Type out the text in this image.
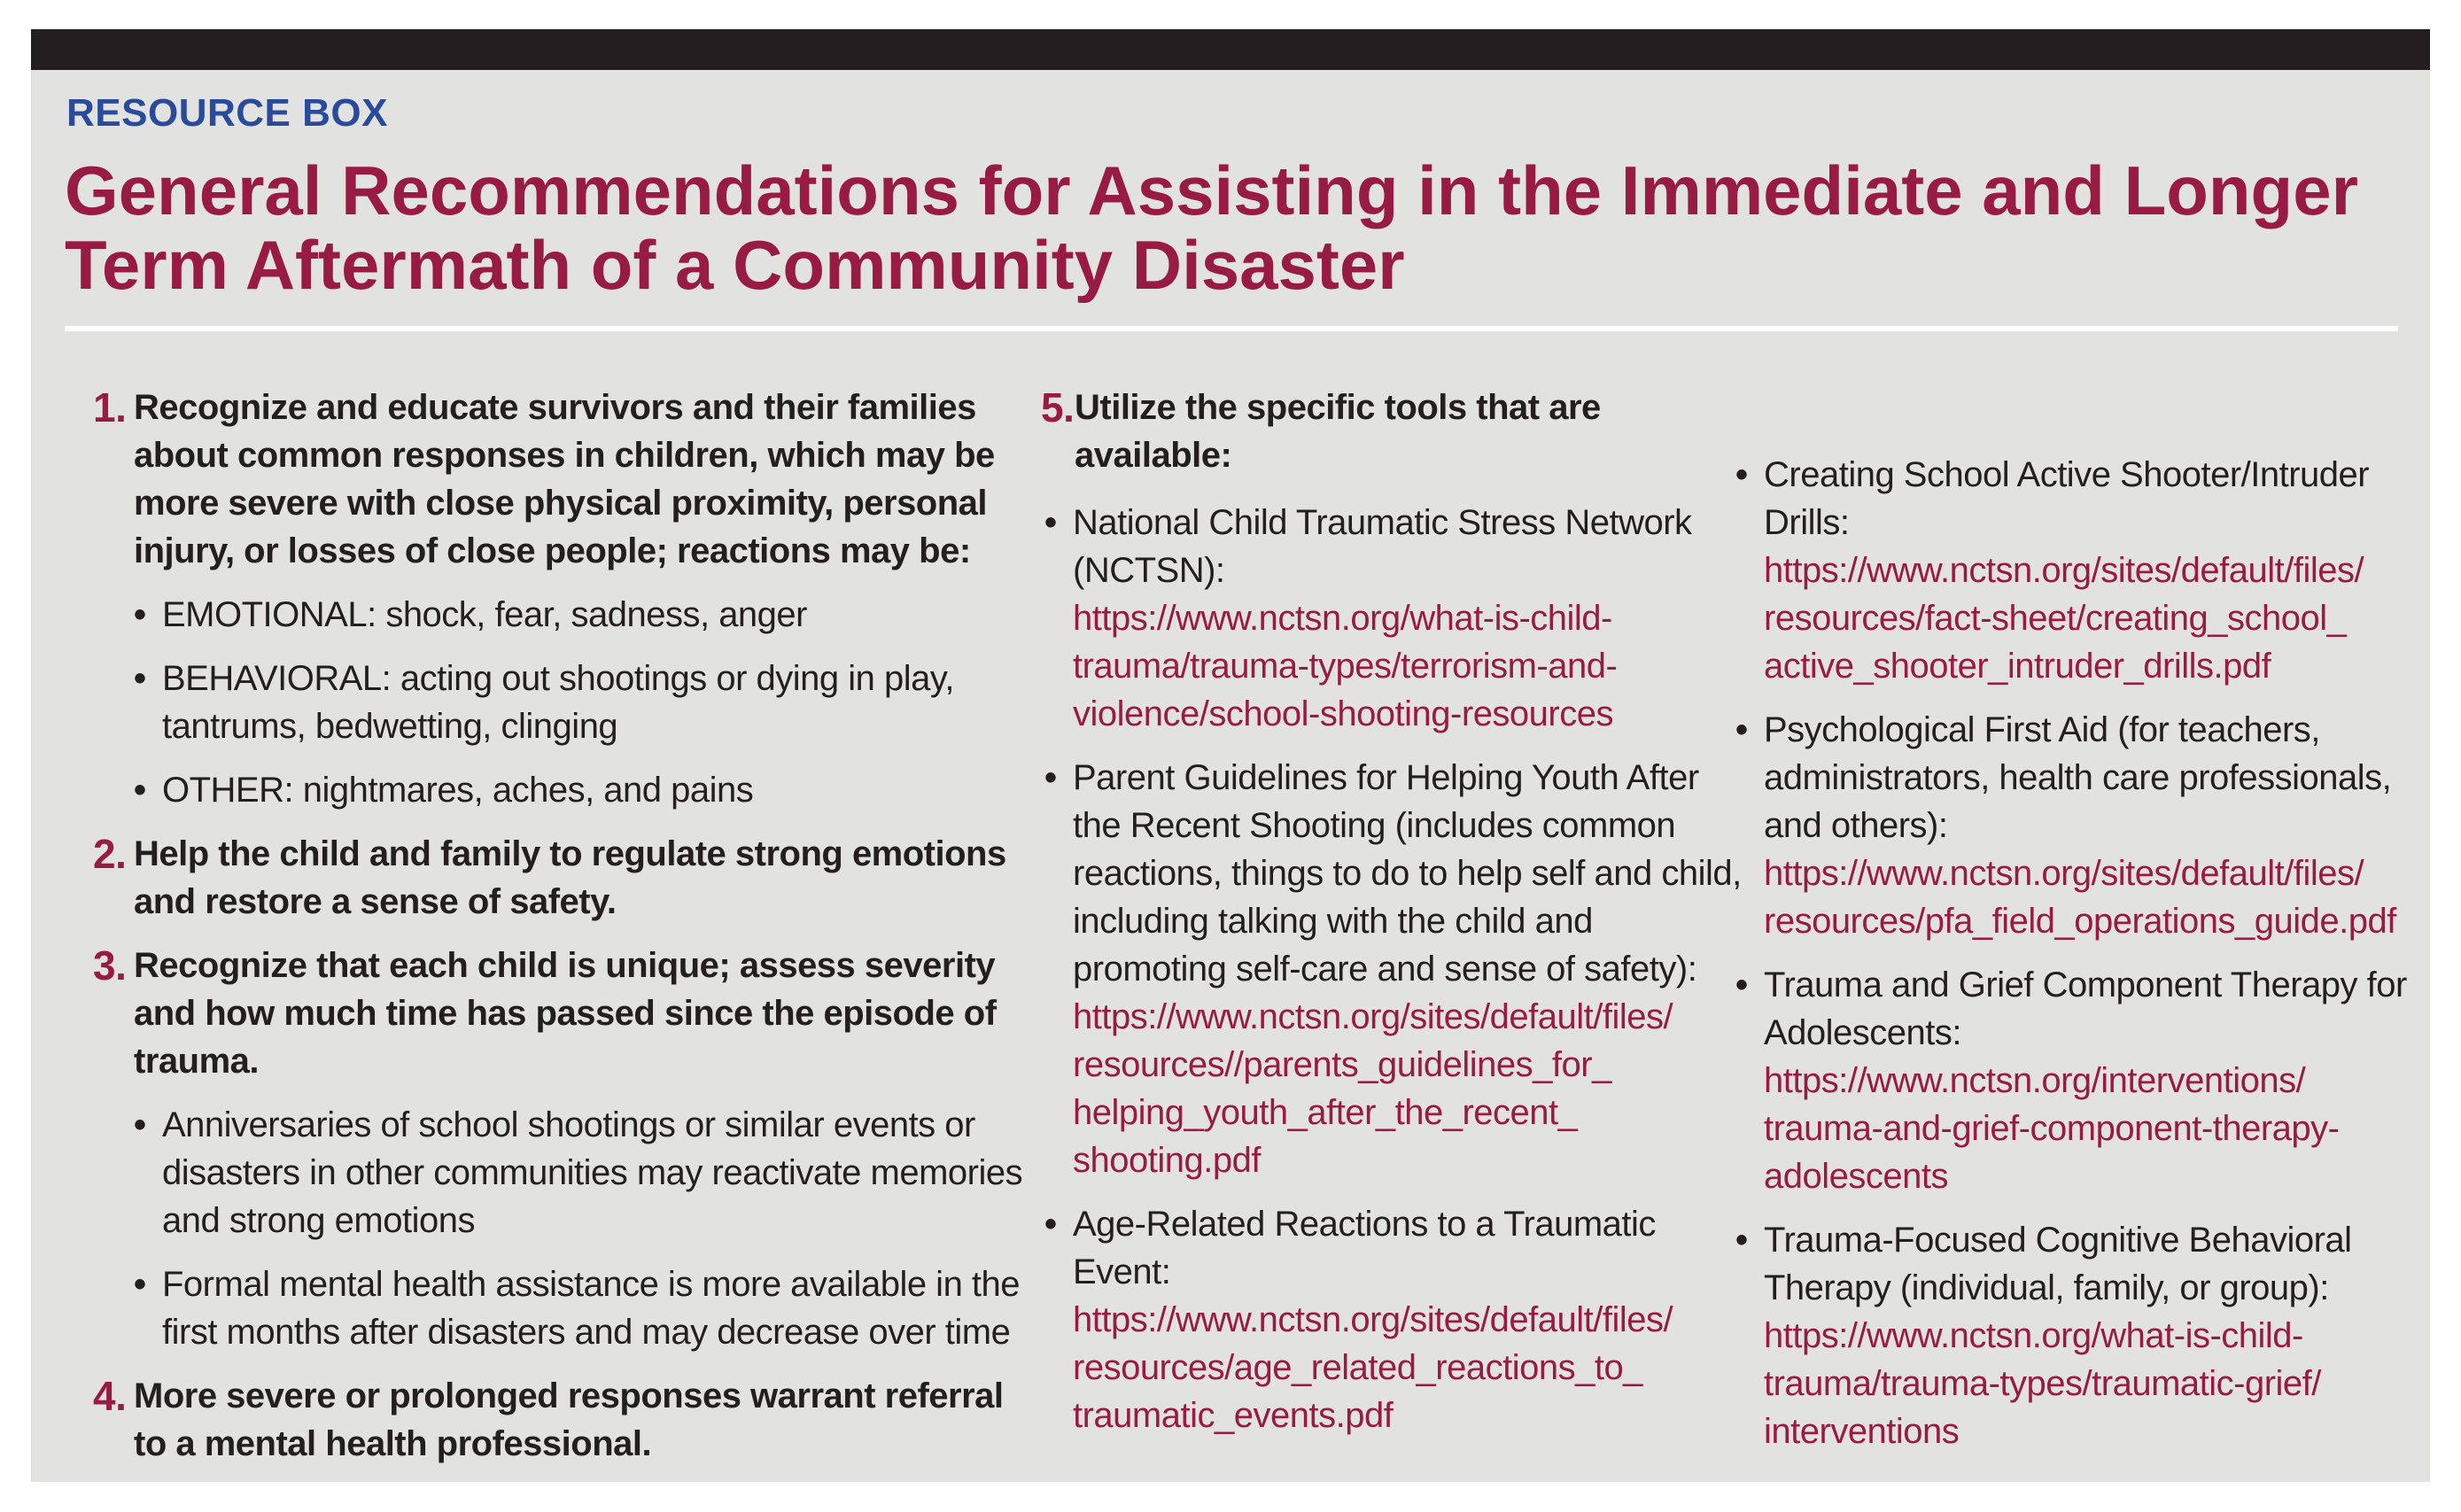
RESOURCE BOX
General Recommendations for Assisting in the Immediate and Longer Term Aftermath of a Community Disaster
1. Recognize and educate survivors and their families about common responses in children, which may be more severe with close physical proximity, personal injury, or losses of close people; reactions may be:
• EMOTIONAL: shock, fear, sadness, anger
• BEHAVIORAL: acting out shootings or dying in play, tantrums, bedwetting, clinging
• OTHER: nightmares, aches, and pains
2. Help the child and family to regulate strong emotions and restore a sense of safety.
3. Recognize that each child is unique; assess severity and how much time has passed since the episode of trauma.
• Anniversaries of school shootings or similar events or disasters in other communities may reactivate memories and strong emotions
• Formal mental health assistance is more available in the first months after disasters and may decrease over time
4. More severe or prolonged responses warrant referral to a mental health professional.
5. Utilize the specific tools that are available:
• National Child Traumatic Stress Network (NCTSN):
https://www.nctsn.org/what-is-child-
trauma/trauma-types/terrorism-and-
violence/school-shooting-resources
• Parent Guidelines for Helping Youth After the Recent Shooting (includes common reactions, things to do to help self and child, including talking with the child and promoting self-care and sense of safety):
https://www.nctsn.org/sites/default/files/
resources//parents_guidelines_for_
helping_youth_after_the_recent_
shooting.pdf
• Age-Related Reactions to a Traumatic Event:
https://www.nctsn.org/sites/default/files/
resources/age_related_reactions_to_
traumatic_events.pdf
• Creating School Active Shooter/Intruder Drills:
https://www.nctsn.org/sites/default/files/
resources/fact-sheet/creating_school_
active_shooter_intruder_drills.pdf
• Psychological First Aid (for teachers, administrators, health care professionals, and others):
https://www.nctsn.org/sites/default/files/
resources/pfa_field_operations_guide.pdf
• Trauma and Grief Component Therapy for Adolescents:
https://www.nctsn.org/interventions/
trauma-and-grief-component-therapy-
adolescents
• Trauma-Focused Cognitive Behavioral Therapy (individual, family, or group):
https://www.nctsn.org/what-is-child-
trauma/trauma-types/traumatic-grief/
interventions
